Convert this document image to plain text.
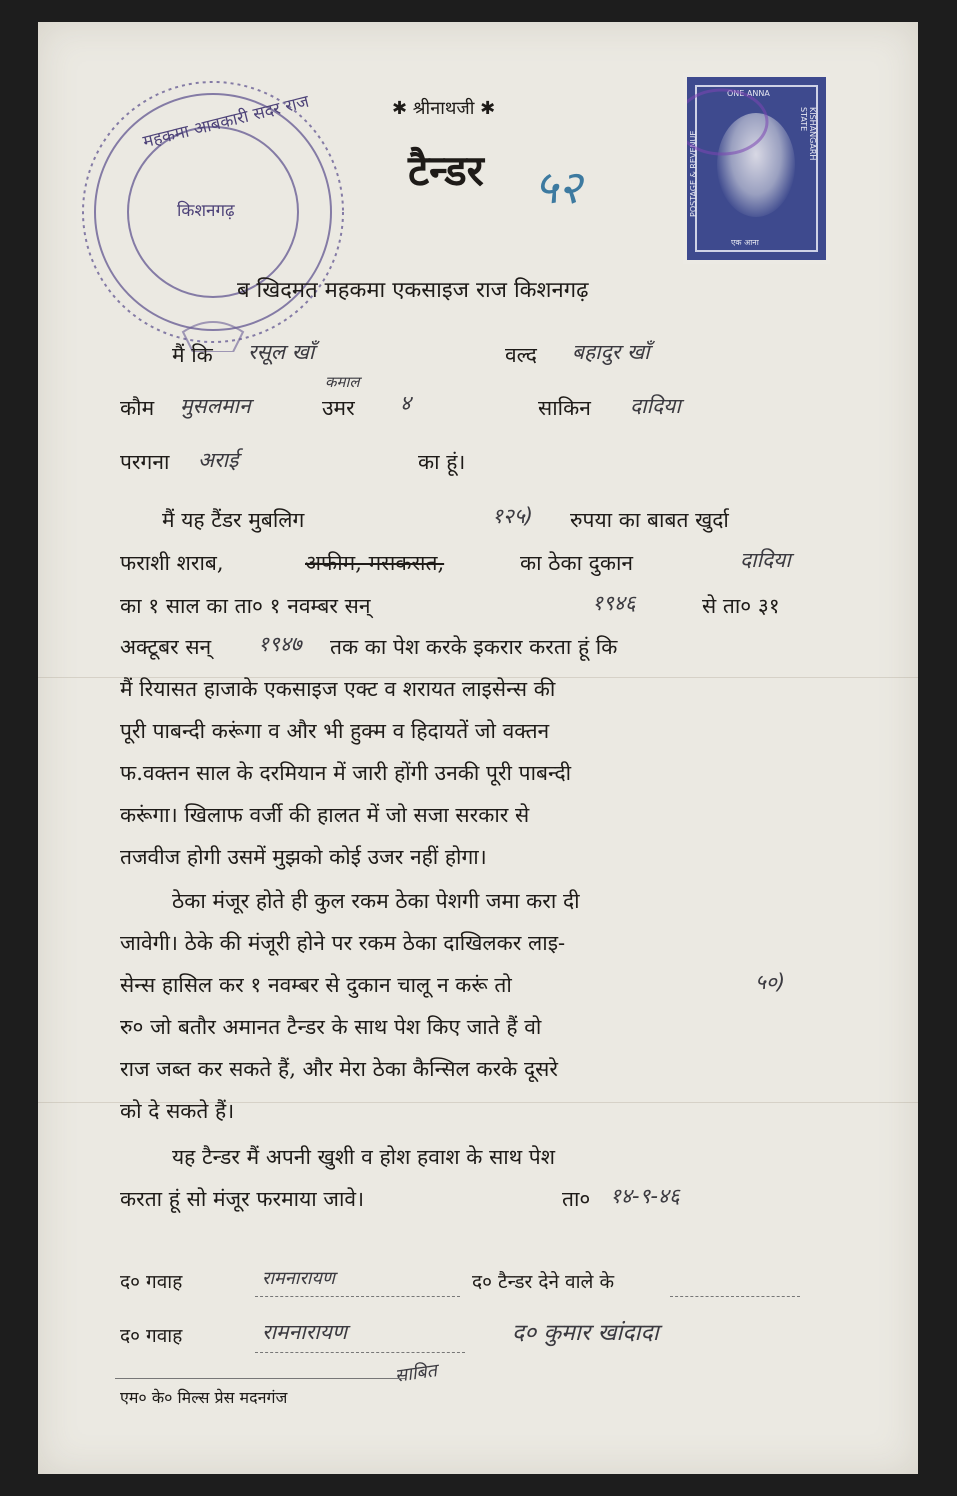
महकमा आबकारी सदर राज
किशनगढ़
ONE ANNA
एक आना
POSTAGE & REVENUE	KISHANGARH STATE
✱ श्रीनाथजी ✱
टैन्डर ५२
ब खिदमत महकमा एकसाइज राज किशनगढ़
मैं कि रसूल खाँ	वल्द बहादुर खाँ
कमाल
कौम मुसलमान	उमर ४	साकिन दादिया
परगना अराई	का हूं।
मैं यह टैंडर मुबलिग	१२५) रुपया का बाबत खुर्दा
फराशी शराब,	अफीम, मसकरात,	का ठेका दुकान	दादिया
का १ साल का ता० १ नवम्बर सन्	१९४६	से ता० ३१
अक्टूबर सन् १९४७ तक का पेश करके इकरार करता हूं कि
मैं रियासत हाजाके एकसाइज एक्ट व शरायत लाइसेन्स की
पूरी पाबन्दी करूंगा व और भी हुक्म व हिदायतें जो वक्तन
फ.वक्तन साल के दरमियान में जारी होंगी उनकी पूरी पाबन्दी
करूंगा। खिलाफ वर्जी की हालत में जो सजा सरकार से
तजवीज होगी उसमें मुझको कोई उजर नहीं होगा।
ठेका मंजूर होते ही कुल रकम ठेका पेशगी जमा करा दी
जावेगी। ठेके की मंजूरी होने पर रकम ठेका दाखिलकर लाइ-
सेन्स हासिल कर १ नवम्बर से दुकान चालू न करूं तो	५०)
रु० जो बतौर अमानत टैन्डर के साथ पेश किए जाते हैं वो
राज जब्त कर सकते हैं, और मेरा ठेका कैन्सिल करके दूसरे
को दे सकते हैं।
यह टैन्डर मैं अपनी खुशी व होश हवाश के साथ पेश
करता हूं सो मंजूर फरमाया जावे।	ता० १४-९-४६
द० गवाह	रामनारायण	द० टैन्डर देने वाले के
द० गवाह	रामनारायण	द० कुमार खांदादा
साबित
एम० के० मिल्स प्रेस मदनगंज
